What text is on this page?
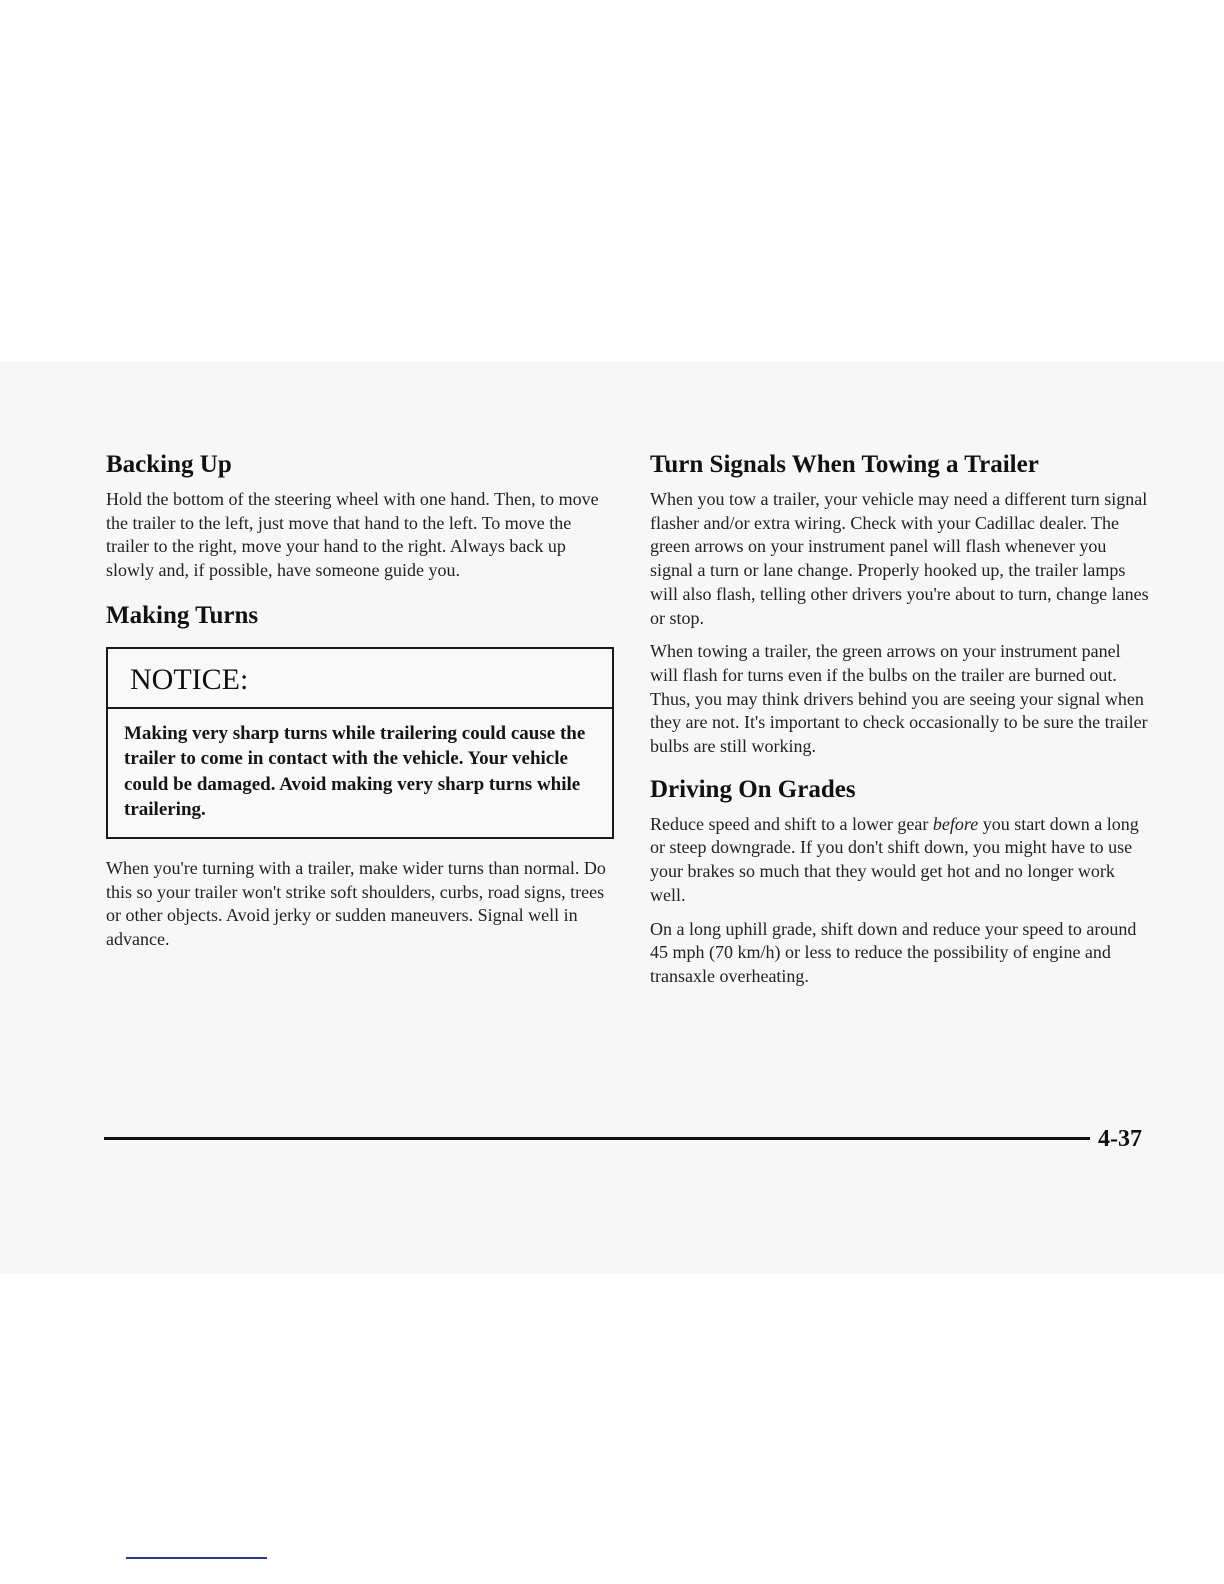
Backing Up

Hold the bottom of the steering wheel with one hand. Then, to move the trailer to the left, just move that hand to the left. To move the trailer to the right, move your hand to the right. Always back up slowly and, if possible, have someone guide you.

Making Turns
NOTICE:
Making very sharp turns while trailering could cause the trailer to come in contact with the vehicle. Your vehicle could be damaged. Avoid making very sharp turns while trailering.

When you're turning with a trailer, make wider turns than normal. Do this so your trailer won't strike soft shoulders, curbs, road signs, trees or other objects. Avoid jerky or sudden maneuvers. Signal well in advance.

Turn Signals When Towing a Trailer

When you tow a trailer, your vehicle may need a different turn signal flasher and/or extra wiring. Check with your Cadillac dealer. The green arrows on your instrument panel will flash whenever you signal a turn or lane change. Properly hooked up, the trailer lamps will also flash, telling other drivers you're about to turn, change lanes or stop.

When towing a trailer, the green arrows on your instrument panel will flash for turns even if the bulbs on the trailer are burned out. Thus, you may think drivers behind you are seeing your signal when they are not. It's important to check occasionally to be sure the trailer bulbs are still working.

Driving On Grades

Reduce speed and shift to a lower gear before you start down a long or steep downgrade. If you don't shift down, you might have to use your brakes so much that they would get hot and no longer work well.

On a long uphill grade, shift down and reduce your speed to around 45 mph (70 km/h) or less to reduce the possibility of engine and transaxle overheating.

4-37
